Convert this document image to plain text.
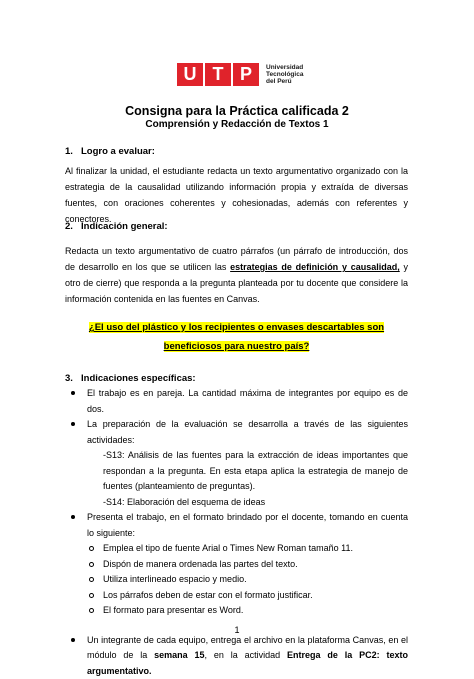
U T P	Universidad
Tecnológica
del Perú
Consigna para la Práctica calificada 2
Comprensión y Redacción de Textos 1
1. Logro a evaluar:
Al finalizar la unidad, el estudiante redacta un texto argumentativo organizado con la estrategia de la causalidad utilizando información propia y extraída de diversas fuentes, con oraciones coherentes y cohesionadas, además con referentes y conectores.
2. Indicación general:
Redacta un texto argumentativo de cuatro párrafos (un párrafo de introducción, dos de desarrollo en los que se utilicen las estrategias de definición y causalidad, y otro de cierre) que responda a la pregunta planteada por tu docente que considere la información contenida en las fuentes en Canvas.
¿El uso del plástico y los recipientes o envases descartables son beneficiosos para nuestro país?
3. Indicaciones específicas:
El trabajo es en pareja. La cantidad máxima de integrantes por equipo es de dos.
La preparación de la evaluación se desarrolla a través de las siguientes actividades:
-S13: Análisis de las fuentes para la extracción de ideas importantes que respondan a la pregunta. En esta etapa aplica la estrategia de manejo de fuentes (planteamiento de preguntas).
-S14: Elaboración del esquema de ideas
Presenta el trabajo, en el formato brindado por el docente, tomando en cuenta lo siguiente:
Emplea el tipo de fuente Arial o Times New Roman tamaño 11.
Dispón de manera ordenada las partes del texto.
Utiliza interlineado espacio y medio.
Los párrafos deben de estar con el formato justificar.
El formato para presentar es Word.
Un integrante de cada equipo, entrega el archivo en la plataforma Canvas, en el módulo de la semana 15, en la actividad Entrega de la PC2: texto argumentativo.
1
